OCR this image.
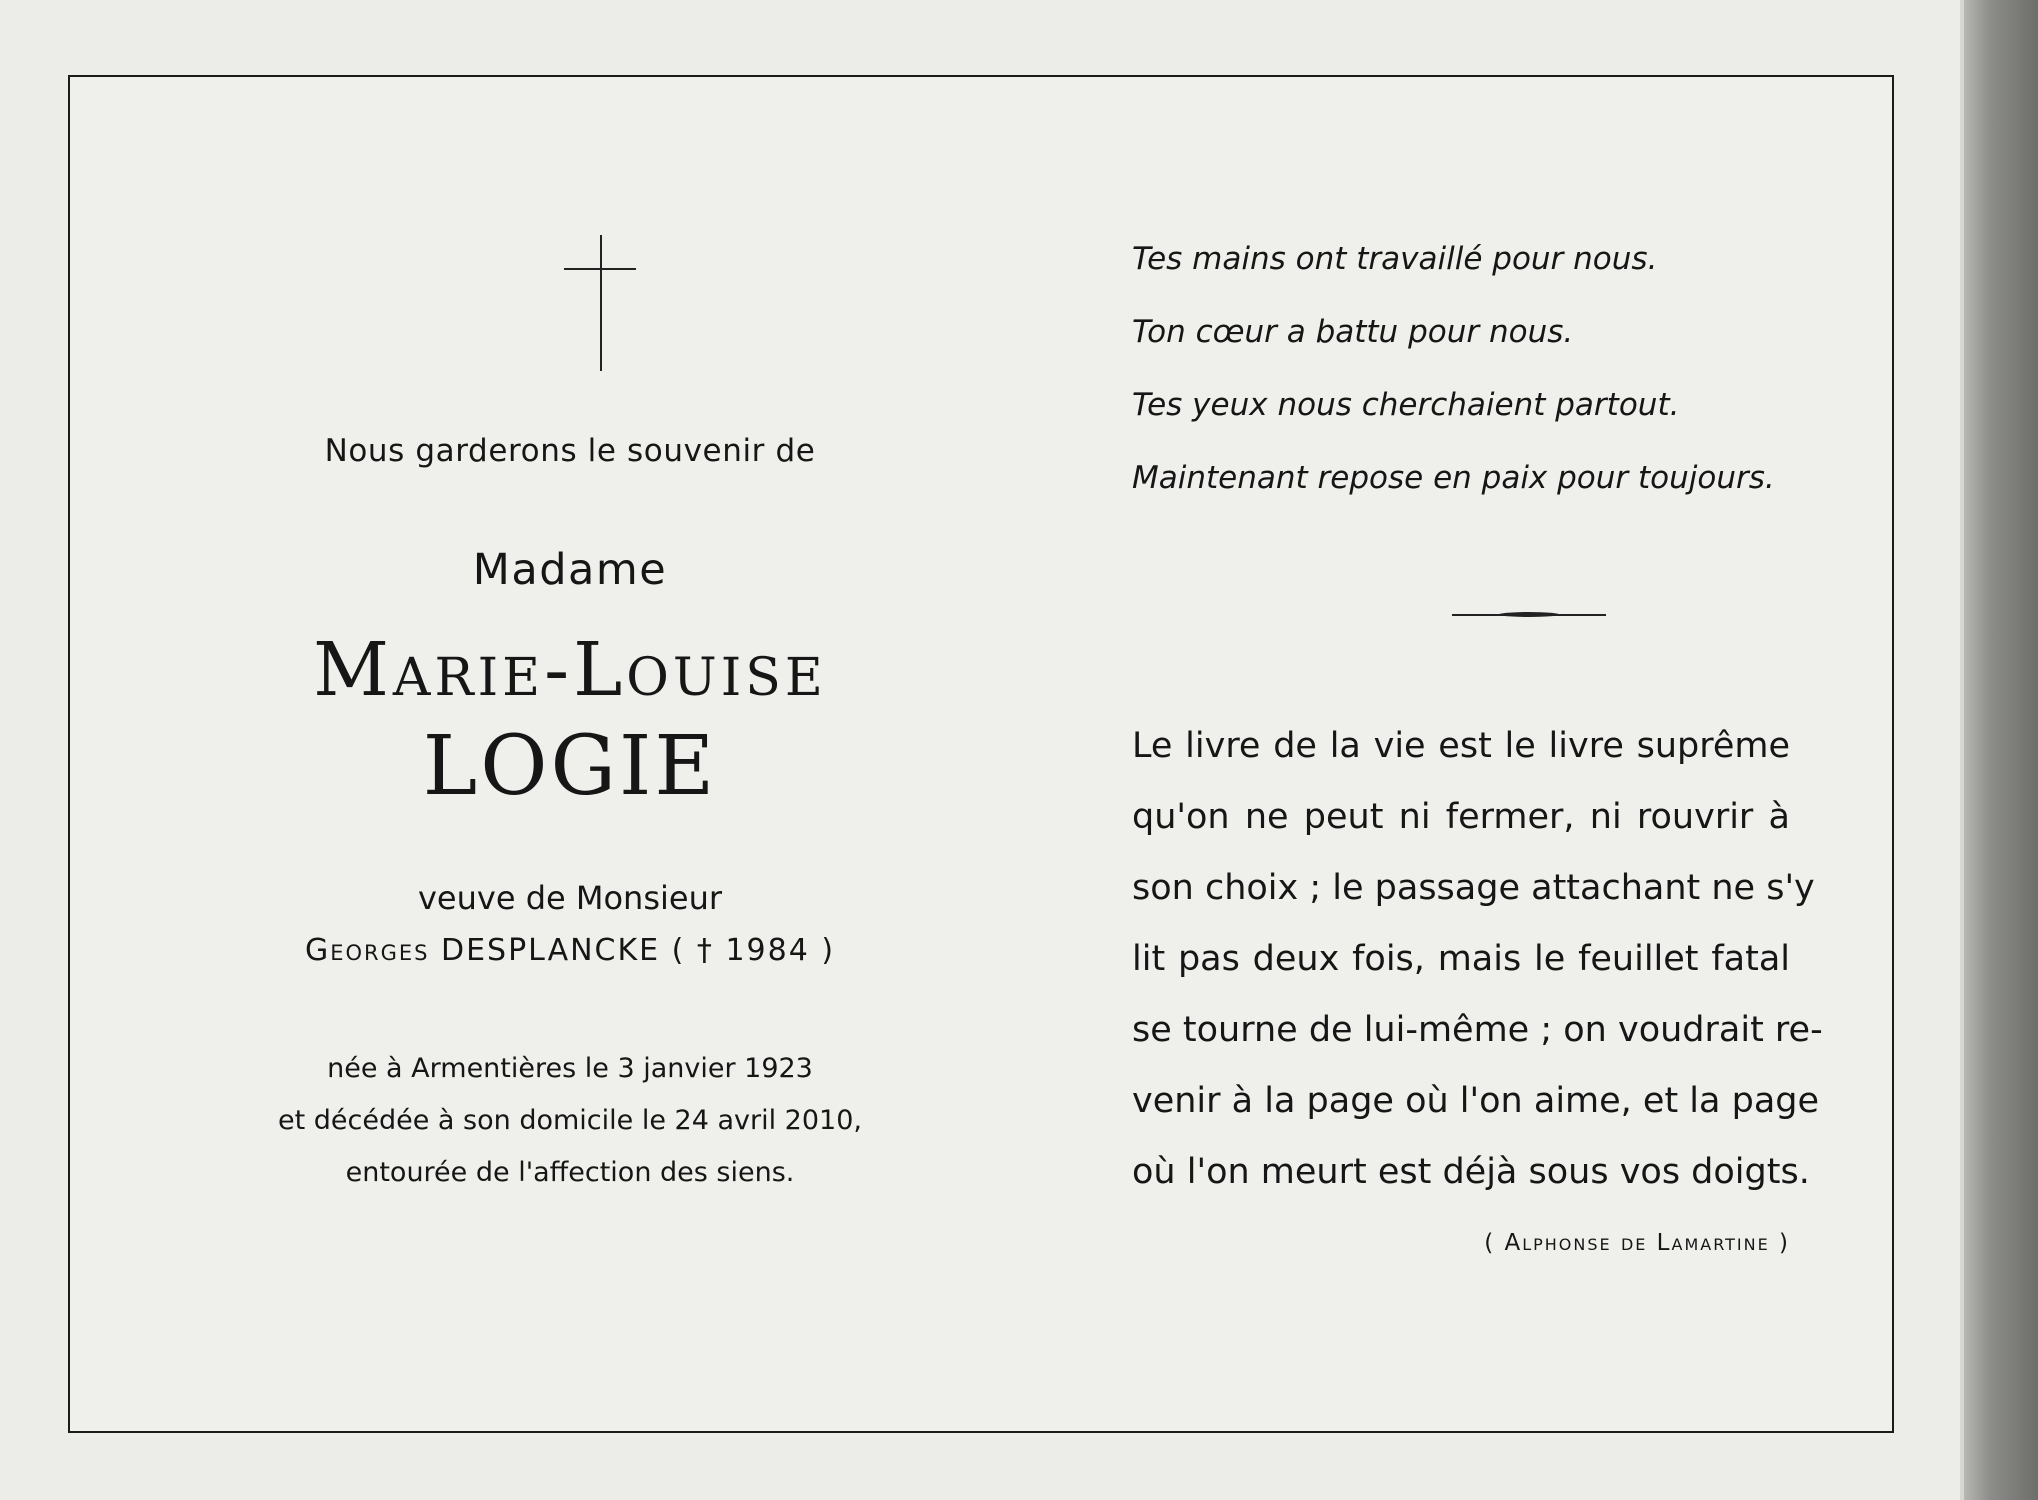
Nous garderons le souvenir de
Madame
Marie-Louise
LOGIE
veuve de Monsieur
Georges DESPLANCKE ( † 1984 )
née à Armentières le 3 janvier 1923
et décédée à son domicile le 24 avril 2010,
entourée de l'affection des siens.
Tes mains ont travaillé pour nous.
Ton cœur a battu pour nous.
Tes yeux nous cherchaient partout.
Maintenant repose en paix pour toujours.
Le livre de la vie est le livre suprême
qu'on ne peut ni fermer, ni rouvrir à
son choix ; le passage attachant ne s'y
lit pas deux fois, mais le feuillet fatal
se tourne de lui-même ; on voudrait re-
venir à la page où l'on aime, et la page
où l'on meurt est déjà sous vos doigts.
( Alphonse de Lamartine )
